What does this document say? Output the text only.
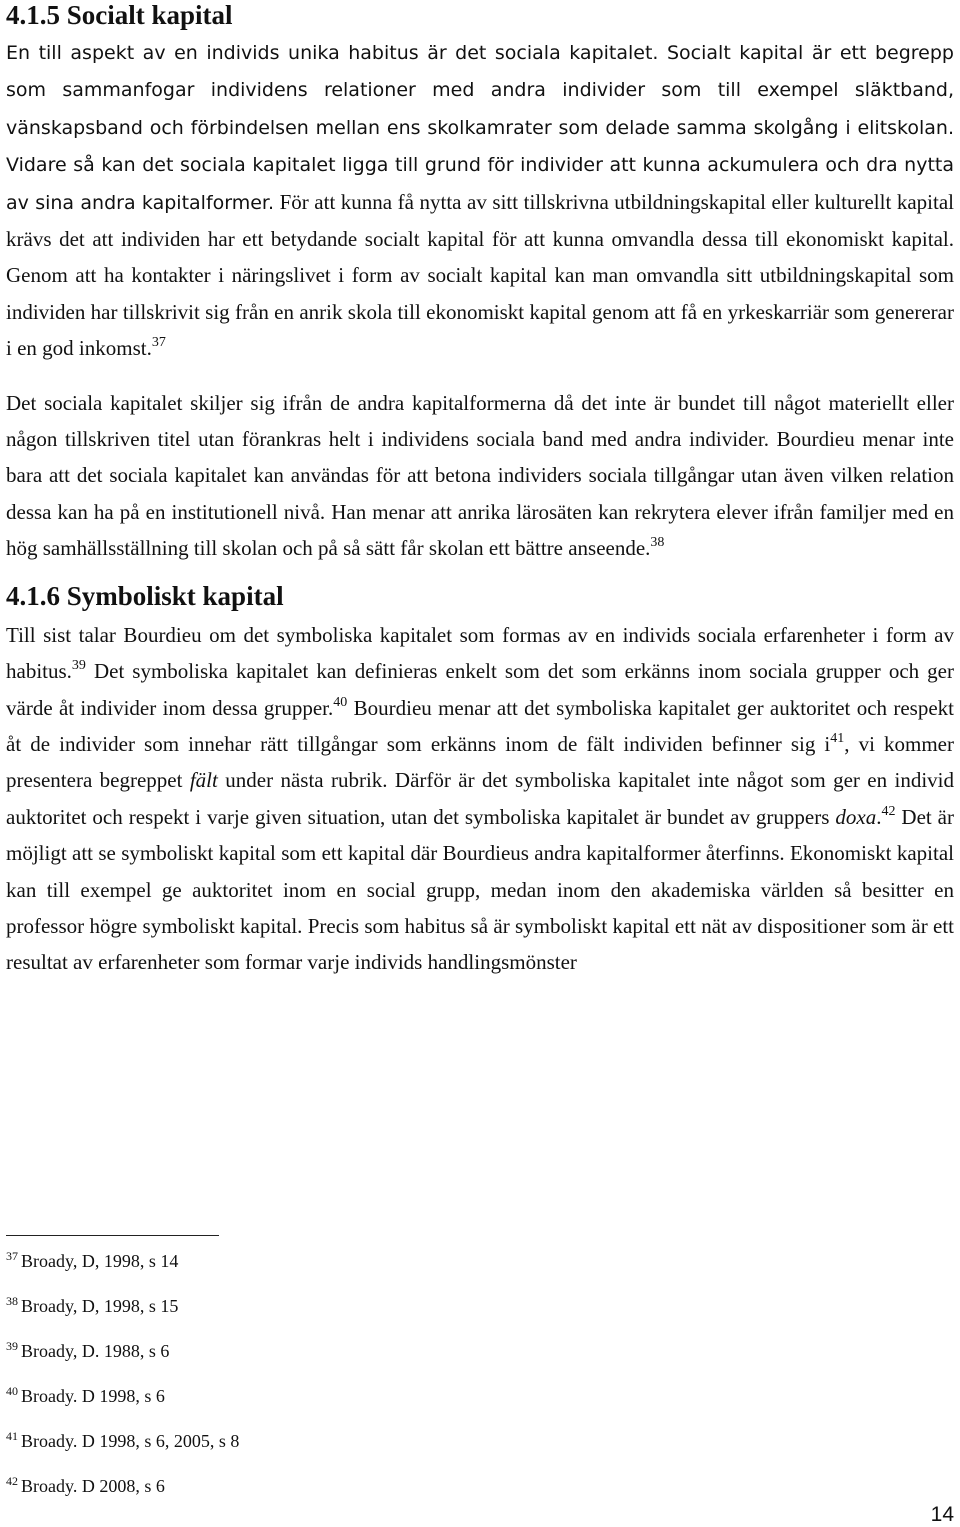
4.1.5 Socialt kapital

En till aspekt av en individs unika habitus är det sociala kapitalet. Socialt kapital är ett begrepp som sammanfogar individens relationer med andra individer som till exempel släktband, vänskapsband och förbindelsen mellan ens skolkamrater som delade samma skolgång i elitskolan. Vidare så kan det sociala kapitalet ligga till grund för individer att kunna ackumulera och dra nytta av sina andra kapitalformer. För att kunna få nytta av sitt tillskrivna utbildningskapital eller kulturellt kapital krävs det att individen har ett betydande socialt kapital för att kunna omvandla dessa till ekonomiskt kapital. Genom att ha kontakter i näringslivet i form av socialt kapital kan man omvandla sitt utbildningskapital som individen har tillskrivit sig från en anrik skola till ekonomiskt kapital genom att få en yrkeskarriär som genererar i en god inkomst.$^{37}$

Det sociala kapitalet skiljer sig ifrån de andra kapitalformerna då det inte är bundet till något materiellt eller någon tillskriven titel utan förankras helt i individens sociala band med andra individer. Bourdieu menar inte bara att det sociala kapitalet kan användas för att betona individers sociala tillgångar utan även vilken relation dessa kan ha på en institutionell nivå. Han menar att anrika lärosäten kan rekrytera elever ifrån familjer med en hög samhällsställning till skolan och på så sätt får skolan ett bättre anseende.$^{38}$

4.1.6 Symboliskt kapital

Till sist talar Bourdieu om det symboliska kapitalet som formas av en individs sociala erfarenheter i form av habitus.$^{39}$ Det symboliska kapitalet kan definieras enkelt som det som erkänns inom sociala grupper och ger värde åt individer inom dessa grupper.$^{40}$ Bourdieu menar att det symboliska kapitalet ger auktoritet och respekt åt de individer som innehar rätt tillgångar som erkänns inom de fält individen befinner sig $i^{41}$, vi kommer presentera begreppet fält under nästa rubrik. Därför är det symboliska kapitalet inte något som ger en individ auktoritet och respekt i varje given situation, utan det symboliska kapitalet är bundet av gruppers doxa.$^{42}$ Det är möjligt att se symboliskt kapital som ett kapital där Bourdieus andra kapitalformer återfinns. Ekonomiskt kapital kan till exempel ge auktoritet inom en social grupp, medan inom den akademiska världen så besitter en professor högre symboliskt kapital. Precis som habitus så är symboliskt kapital ett nät av dispositioner som är ett resultat av erfarenheter som formar varje individs handlingsmönster

$^{37}$ Broady, D, 1998, s 14
$^{38}$ Broady, D, 1998, s 15
$^{39}$ Broady, D. 1988, s 6
$^{40}$ Broady. D 1998, s 6
$^{41}$ Broady. D 1998, s 6, 2005, s 8
$^{42}$ Broady. D 2008, s 6
14
